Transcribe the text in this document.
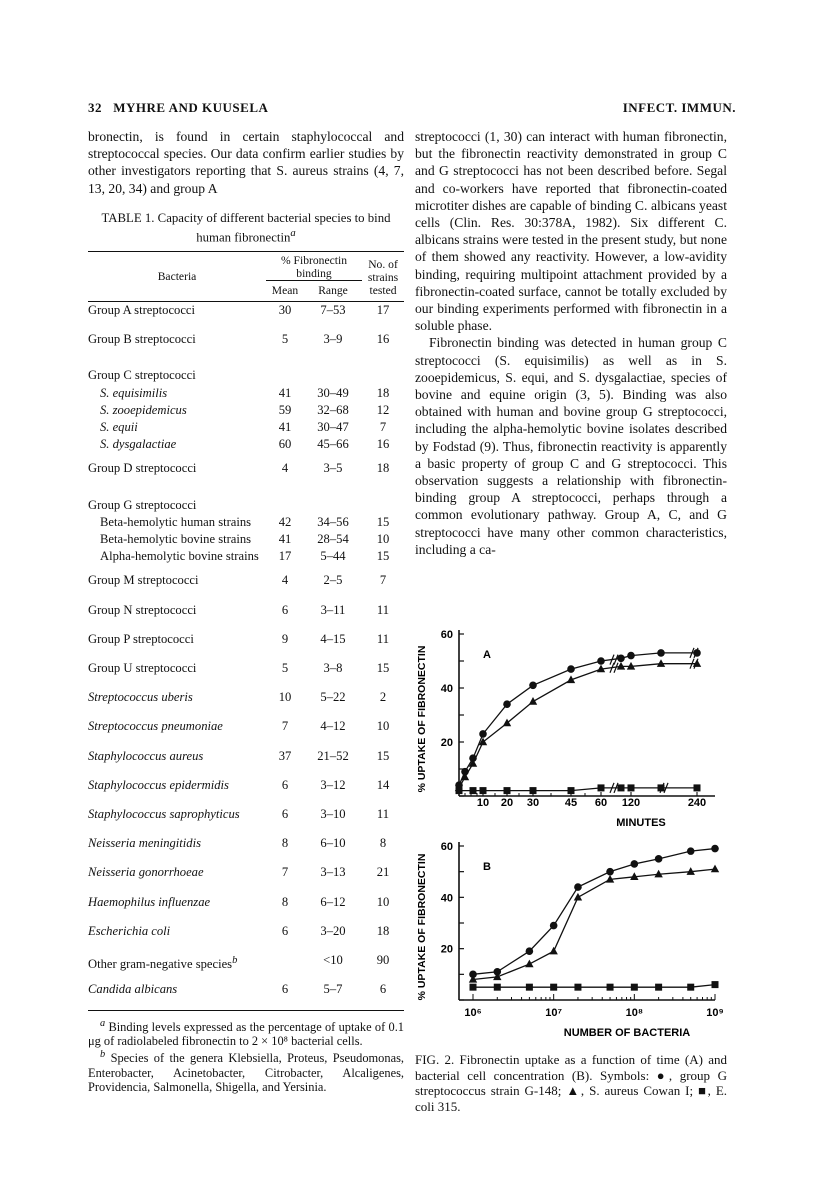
32 MYHRE AND KUUSELA	INFECT. IMMUN.

bronectin, is found in certain staphylococcal and streptococcal species. Our data confirm earlier studies by other investigators reporting that S. aureus strains (4, 7, 13, 20, 34) and group A

TABLE 1. Capacity of different bacterial species to bind human fibronectin$^a$
Bacteria	% Fibronectin binding		No. of strains tested
	Mean	Range	
Group A streptococci	30	7–53	17
Group B streptococci	5	3–9	16
Group C streptococci			
S. equisimilis	41	30–49	18
S. zooepidemicus	59	32–68	12
S. equii	41	30–47	7
S. dysgalactiae	60	45–66	16
Group D streptococci	4	3–5	18
Group G streptococci			
Beta-hemolytic human strains	42	34–56	15
Beta-hemolytic bovine strains	41	28–54	10
Alpha-hemolytic bovine strains	17	5–44	15
Group M streptococci	4	2–5	7
Group N streptococci	6	3–11	11
Group P streptococci	9	4–15	11
Group U streptococci	5	3–8	15
Streptococcus uberis	10	5–22	2
Streptococcus pneumoniae	7	4–12	10
Staphylococcus aureus	37	21–52	15
Staphylococcus epidermidis	6	3–12	14
Staphylococcus saprophyticus	6	3–10	11
Neisseria meningitidis	8	6–10	8
Neisseria gonorrhoeae	7	3–13	21
Haemophilus influenzae	8	6–12	10
Escherichia coli	6	3–20	18
Other gram-negative species$^b$		<10	90
Candida albicans	6	5–7	6
$^a$ Binding levels expressed as the percentage of uptake of 0.1 μg of radiolabeled fibronectin to 2 × 10⁸ bacterial cells.
$^b$ Species of the genera Klebsiella, Proteus, Pseudomonas, Enterobacter, Acinetobacter, Citrobacter, Alcaligenes, Providencia, Salmonella, Shigella, and Yersinia.

streptococci (1, 30) can interact with human fibronectin, but the fibronectin reactivity demonstrated in group C and G streptococci has not been described before. Segal and co-workers have reported that fibronectin-coated microtiter dishes are capable of binding C. albicans yeast cells (Clin. Res. 30:378A, 1982). Six different C. albicans strains were tested in the present study, but none of them showed any reactivity. However, a low-avidity binding, requiring multipoint attachment provided by a fibronectin-coated surface, cannot be totally excluded by our binding experiments performed with fibronectin in a soluble phase.

Fibronectin binding was detected in human group C streptococci (S. equisimilis) as well as in S. zooepidemicus, S. equi, and S. dysgalactiae, species of bovine and equine origin (3, 5). Binding was also obtained with human and bovine group G streptococci, including the alpha-hemolytic bovine isolates described by Fodstad (9). Thus, fibronectin reactivity is apparently a basic property of group C and G streptococci. This observation suggests a relationship with fibronectin-binding group A streptococci, perhaps through a common evolutionary pathway. Group A, C, and G streptococci have many other common characteristics, including a ca-

20
40
60
% UPTAKE OF FIBRONECTIN	A
10 20 30 45 60 120	240
MINUTES
20
40
60
% UPTAKE OF FIBRONECTIN	B
10⁶	10⁷	10⁸	10⁹
NUMBER OF BACTERIA
FIG. 2. Fibronectin uptake as a function of time (A) and bacterial cell concentration (B). Symbols: ●, group G streptococcus strain G-148; ▲, S. aureus Cowan I; ■, E. coli 315.
